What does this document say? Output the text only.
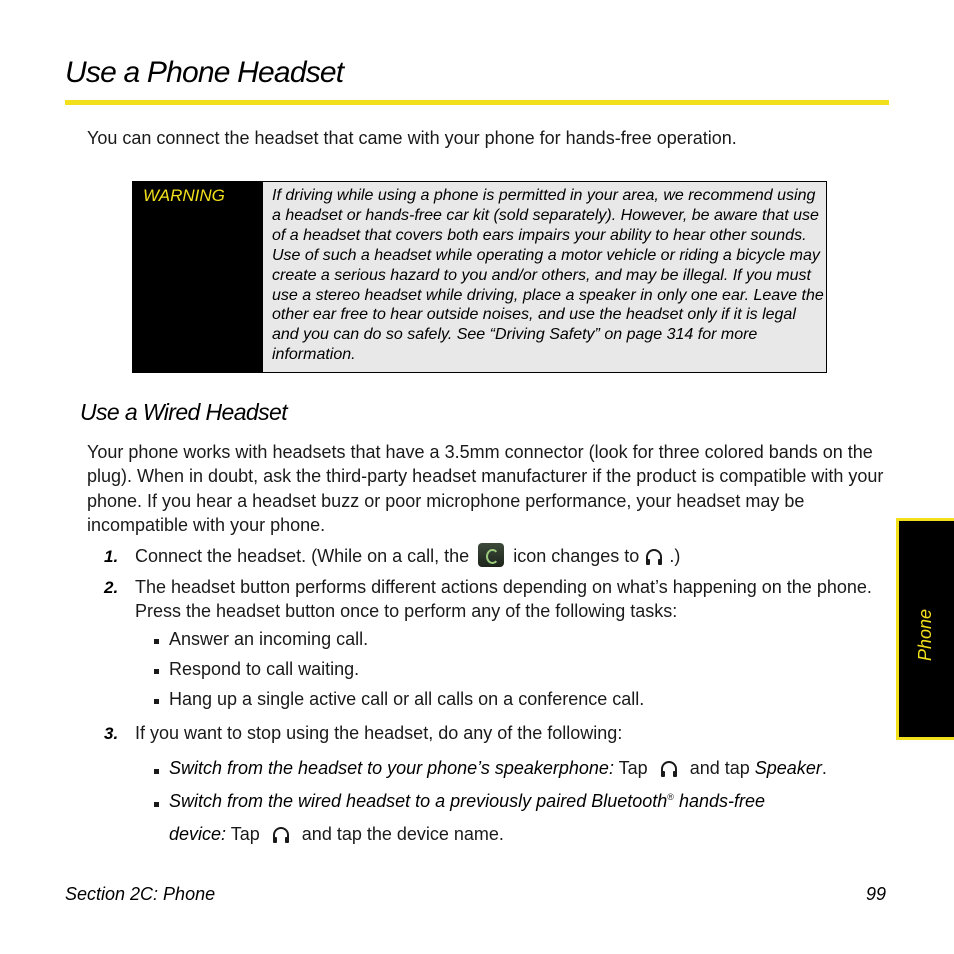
Use a Phone Headset
You can connect the headset that came with your phone for hands-free operation.
WARNING	If driving while using a phone is permitted in your area, we recommend using a headset or hands-free car kit (sold separately). However, be aware that use of a headset that covers both ears impairs your ability to hear other sounds. Use of such a headset while operating a motor vehicle or riding a bicycle may create a serious hazard to you and/or others, and may be illegal. If you must use a stereo headset while driving, place a speaker in only one ear. Leave the other ear free to hear outside noises, and use the headset only if it is legal and you can do so safely. See “Driving Safety” on page 314 for more information.
Use a Wired Headset
Your phone works with headsets that have a 3.5mm connector (look for three colored bands on the plug). When in doubt, ask the third-party headset manufacturer if the product is compatible with your phone. If you hear a headset buzz or poor microphone performance, your headset may be incompatible with your phone.
1. Connect the headset. (While on a call, the icon changes to .)
2. The headset button performs different actions depending on what’s happening on the phone. Press the headset button once to perform any of the following tasks:
Answer an incoming call.
Respond to call waiting.
Hang up a single active call or all calls on a conference call.
3. If you want to stop using the headset, do any of the following:
Switch from the headset to your phone’s speakerphone: Tap and tap Speaker.
Switch from the wired headset to a previously paired Bluetooth® hands-free
device: Tap and tap the device name.
Phone
Section 2C: Phone	99
